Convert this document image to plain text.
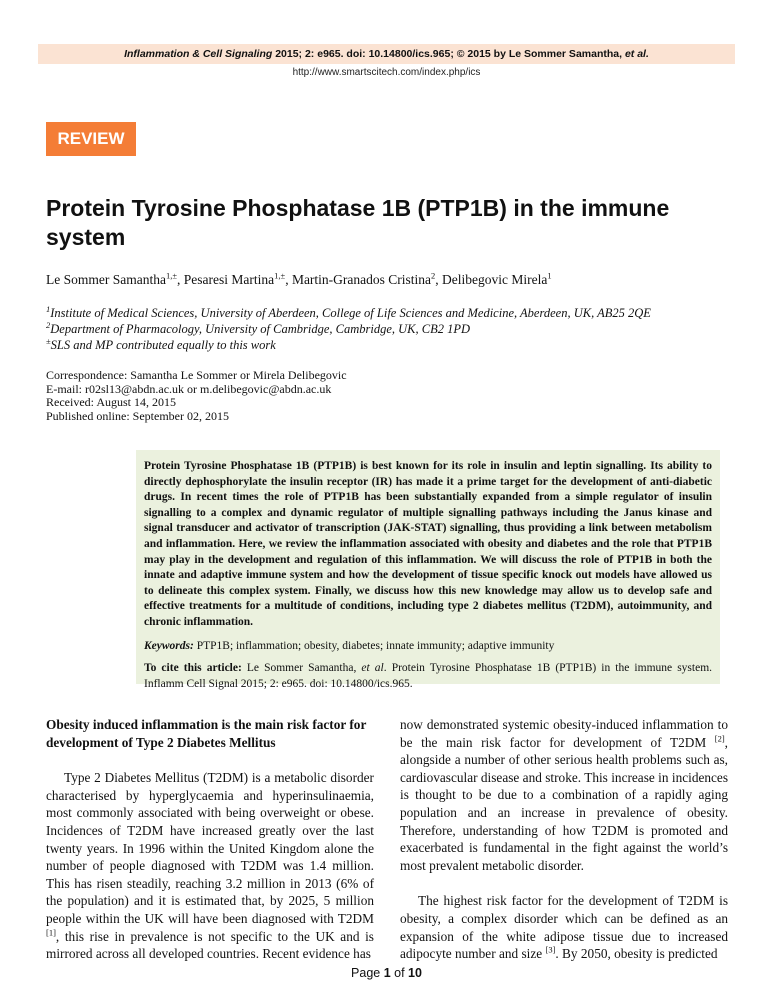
Inflammation & Cell Signaling 2015; 2: e965. doi: 10.14800/ics.965; © 2015 by Le Sommer Samantha, et al.
http://www.smartscitech.com/index.php/ics
REVIEW
Protein Tyrosine Phosphatase 1B (PTP1B) in the immune system
Le Sommer Samantha$^{1,\pm}$, Pesaresi Martina$^{1,\pm}$, Martin-Granados Cristina$^2$, Delibegovic Mirela$^1$
$^1$Institute of Medical Sciences, University of Aberdeen, College of Life Sciences and Medicine, Aberdeen, UK, AB25 2QE
$^2$Department of Pharmacology, University of Cambridge, Cambridge, UK, CB2 1PD
±SLS and MP contributed equally to this work
Correspondence: Samantha Le Sommer or Mirela Delibegovic
E-mail: r02sl13@abdn.ac.uk or m.delibegovic@abdn.ac.uk
Received: August 14, 2015
Published online: September 02, 2015

Protein Tyrosine Phosphatase 1B (PTP1B) is best known for its role in insulin and leptin signalling. Its ability to directly dephosphorylate the insulin receptor (IR) has made it a prime target for the development of anti-diabetic drugs. In recent times the role of PTP1B has been substantially expanded from a simple regulator of insulin signalling to a complex and dynamic regulator of multiple signalling pathways including the Janus kinase and signal transducer and activator of transcription (JAK-STAT) signalling, thus providing a link between metabolism and inflammation. Here, we review the inflammation associated with obesity and diabetes and the role that PTP1B may play in the development and regulation of this inflammation. We will discuss the role of PTP1B in both the innate and adaptive immune system and how the development of tissue specific knock out models have allowed us to delineate this complex system. Finally, we discuss how this new knowledge may allow us to develop safe and effective treatments for a multitude of conditions, including type 2 diabetes mellitus (T2DM), autoimmunity, and chronic inflammation.

Keywords: PTP1B; inflammation; obesity, diabetes; innate immunity; adaptive immunity

To cite this article: Le Sommer Samantha, et al. Protein Tyrosine Phosphatase 1B (PTP1B) in the immune system. Inflamm Cell Signal 2015; 2: e965. doi: 10.14800/ics.965.

Obesity induced inflammation is the main risk factor for development of Type 2 Diabetes Mellitus

Type 2 Diabetes Mellitus (T2DM) is a metabolic disorder characterised by hyperglycaemia and hyperinsulinaemia, most commonly associated with being overweight or obese. Incidences of T2DM have increased greatly over the last twenty years. In 1996 within the United Kingdom alone the number of people diagnosed with T2DM was 1.4 million. This has risen steadily, reaching 3.2 million in 2013 (6% of the population) and it is estimated that, by 2025, 5 million people within the UK will have been diagnosed with T2DM [1], this rise in prevalence is not specific to the UK and is mirrored across all developed countries. Recent evidence has

now demonstrated systemic obesity-induced inflammation to be the main risk factor for development of T2DM [2], alongside a number of other serious health problems such as, cardiovascular disease and stroke. This increase in incidences is thought to be due to a combination of a rapidly aging population and an increase in prevalence of obesity. Therefore, understanding of how T2DM is promoted and exacerbated is fundamental in the fight against the world’s most prevalent metabolic disorder.

The highest risk factor for the development of T2DM is obesity, a complex disorder which can be defined as an expansion of the white adipose tissue due to increased adipocyte number and size [3]. By 2050, obesity is predicted

Page 1 of 10
